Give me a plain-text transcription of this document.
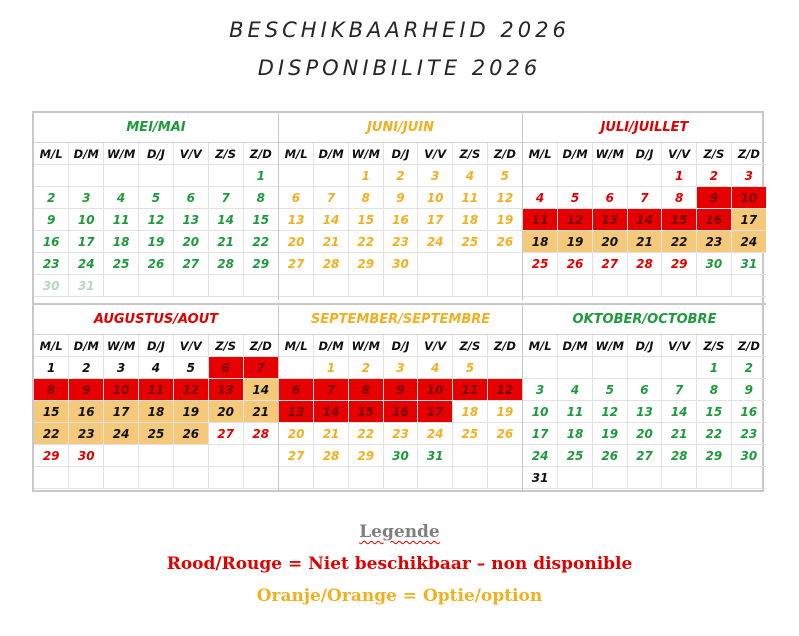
BESCHIKBAARHEID 2026
DISPONIBILITE 2026
MEI/MAI
M/L	D/M	W/M	D/J	V/V	Z/S	Z/D
						1
2	3	4	5	6	7	8
9	10	11	12	13	14	15
16	17	18	19	20	21	22
23	24	25	26	27	28	29
30	31					
JUNI/JUIN
M/L	D/M	W/M	D/J	V/V	Z/S	Z/D
		1	2	3	4	5
6	7	8	9	10	11	12
13	14	15	16	17	18	19
20	21	22	23	24	25	26
27	28	29	30			

JULI/JUILLET
M/L	D/M	W/M	D/J	V/V	Z/S	Z/D
				1	2	3
4	5	6	7	8	9	10
11	12	13	14	15	16	17
18	19	20	21	22	23	24
25	26	27	28	29	30	31

AUGUSTUS/AOUT
M/L	D/M	W/M	D/J	V/V	Z/S	Z/D
1	2	3	4	5	6	7
8	9	10	11	12	13	14
15	16	17	18	19	20	21
22	23	24	25	26	27	28
29	30					

SEPTEMBER/SEPTEMBRE
M/L	D/M	W/M	D/J	V/V	Z/S	Z/D
	1	2	3	4	5	
6	7	8	9	10	11	12
13	14	15	16	17	18	19
20	21	22	23	24	25	26
27	28	29	30	31		

OKTOBER/OCTOBRE
M/L	D/M	W/M	D/J	V/V	Z/S	Z/D
					1	2
3	4	5	6	7	8	9
10	11	12	13	14	15	16
17	18	19	20	21	22	23
24	25	26	27	28	29	30
31						
Legende
Rood/Rouge = Niet beschikbaar – non disponible
Oranje/Orange = Optie/option
